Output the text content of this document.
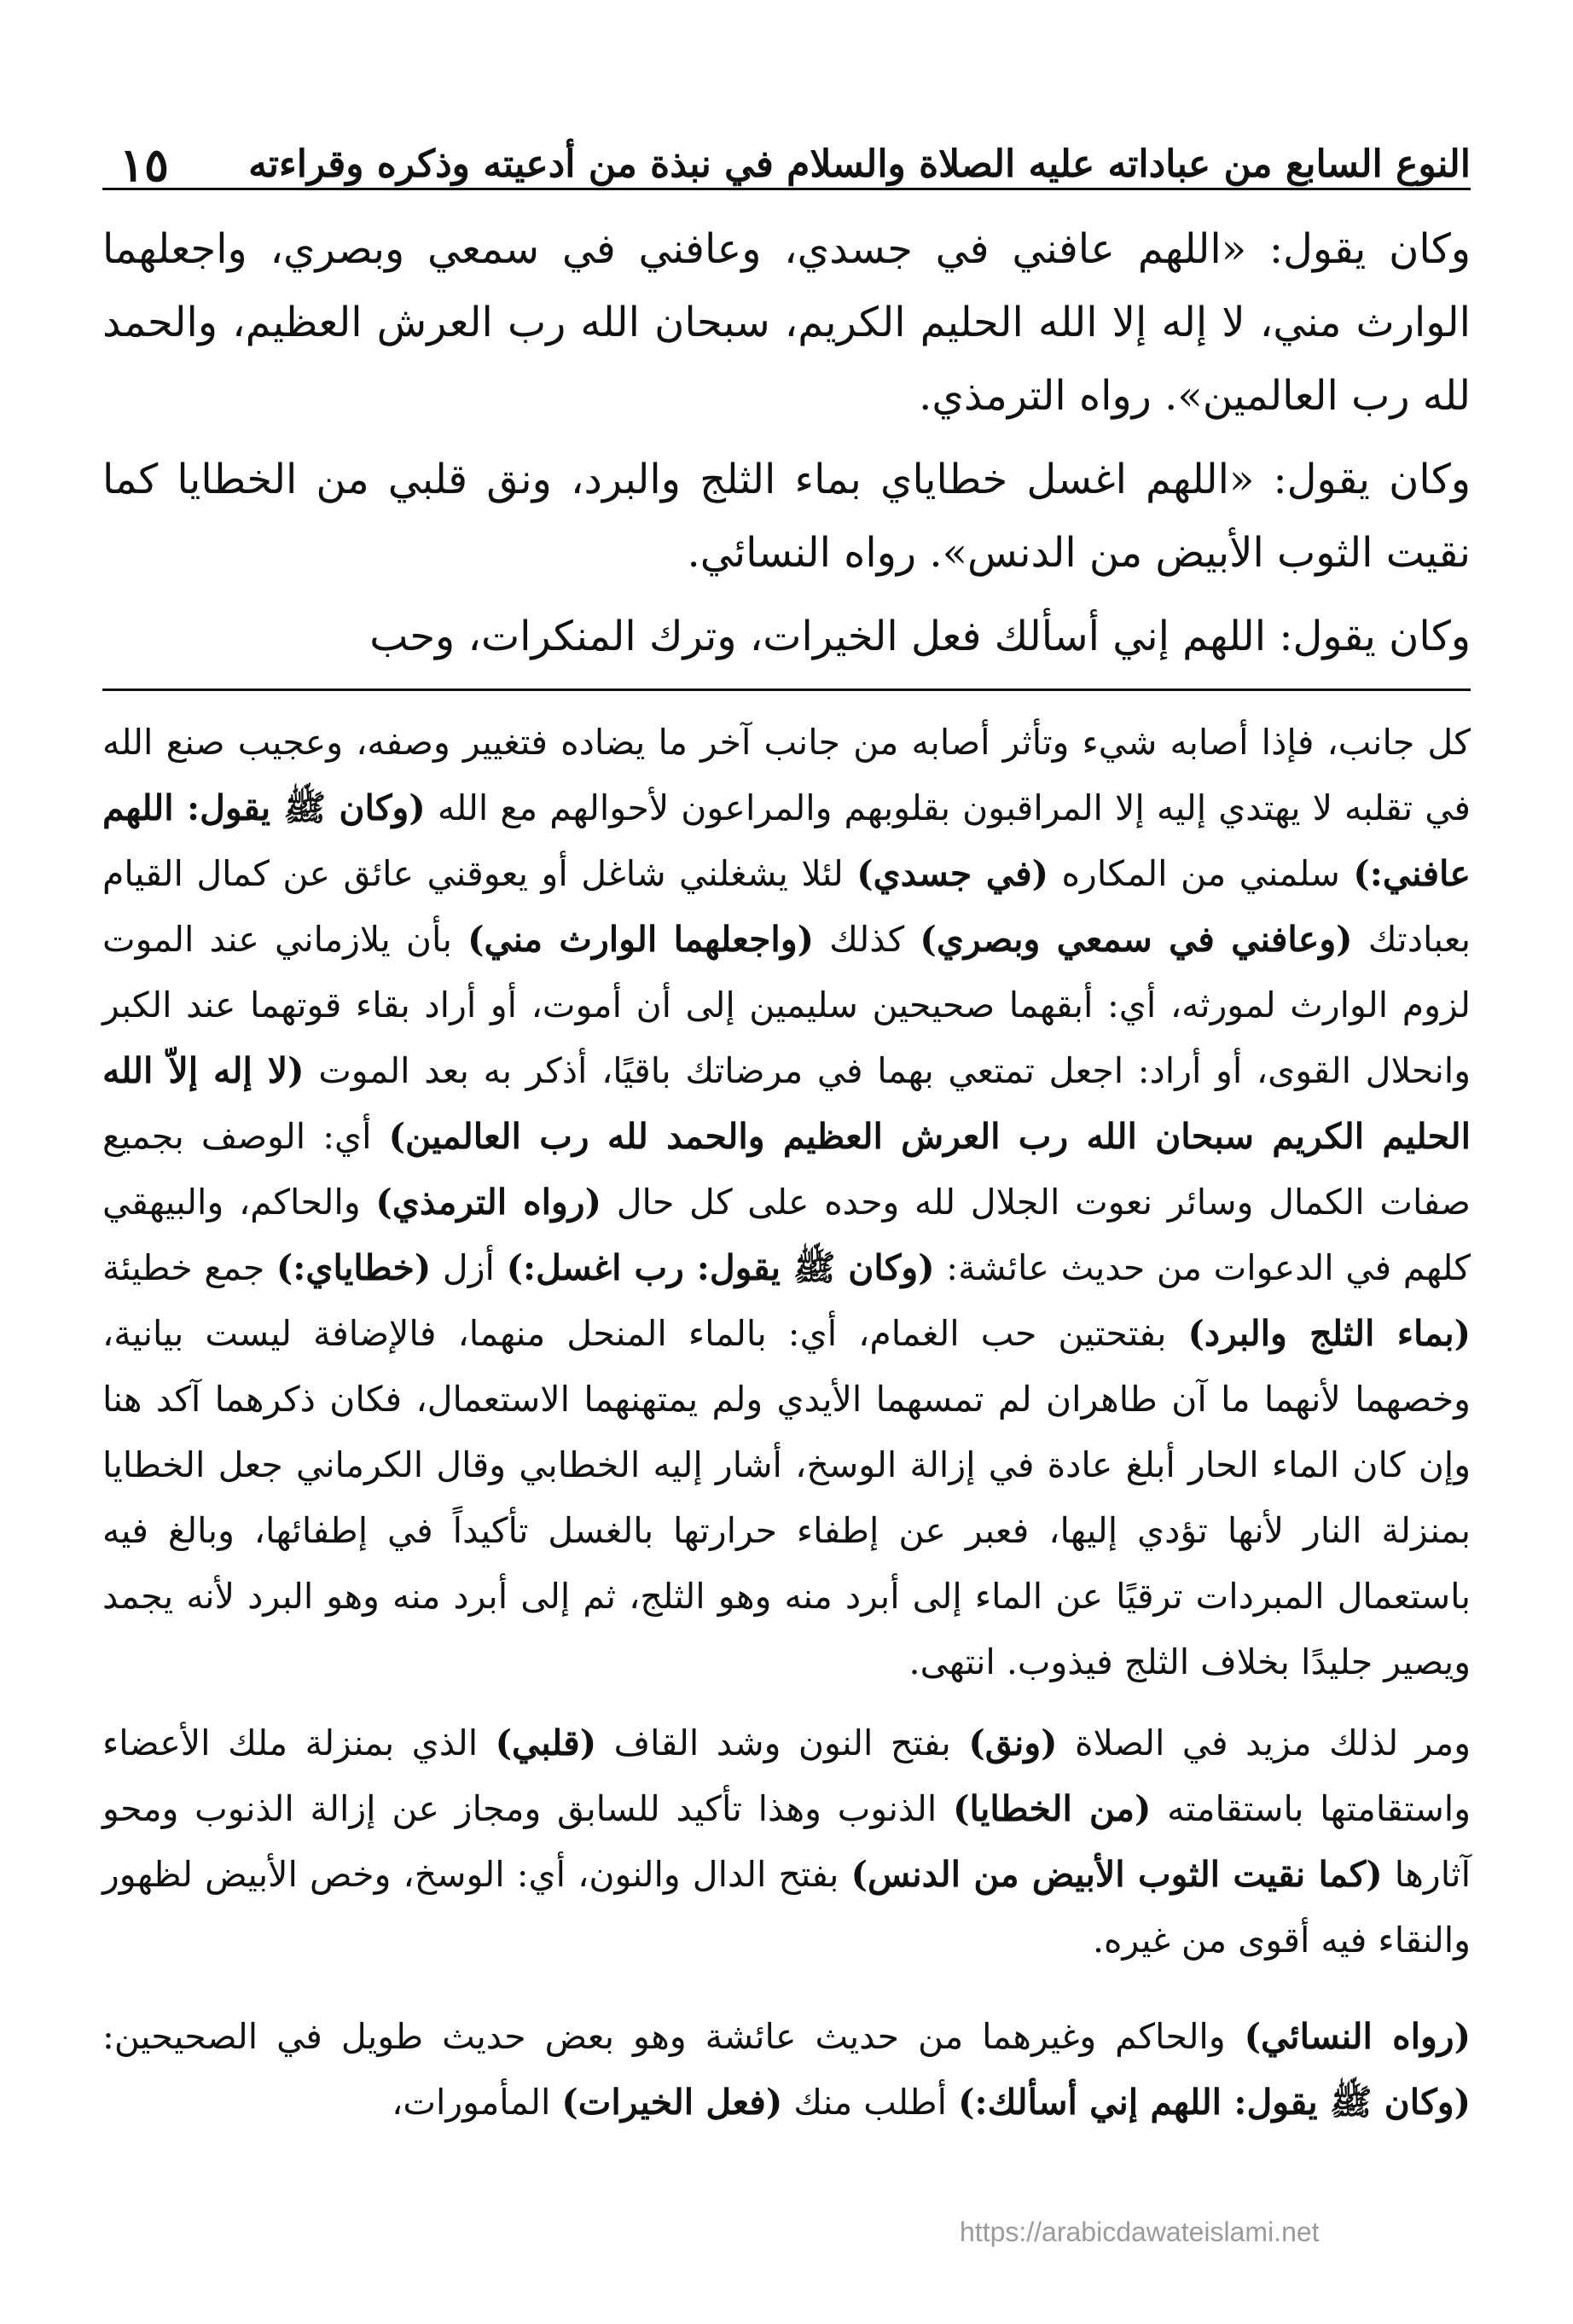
النوع السابع من عباداته عليه الصلاة والسلام في نبذة من أدعيته وذكره وقراءته
١٥

وكان يقول: «اللهم عافني في جسدي، وعافني في سمعي وبصري، واجعلهما الوارث مني، لا إله إلا الله الحليم الكريم، سبحان الله رب العرش العظيم، والحمد لله رب العالمين». رواه الترمذي.

وكان يقول: «اللهم اغسل خطاياي بماء الثلج والبرد، ونق قلبي من الخطايا كما نقيت الثوب الأبيض من الدنس». رواه النسائي.

وكان يقول: اللهم إني أسألك فعل الخيرات، وترك المنكرات، وحب

كل جانب، فإذا أصابه شيء وتأثر أصابه من جانب آخر ما يضاده فتغيير وصفه، وعجيب صنع الله في تقلبه لا يهتدي إليه إلا المراقبون بقلوبهم والمراعون لأحوالهم مع الله (وكان ﷺ يقول: اللهم عافني:) سلمني من المكاره (في جسدي) لئلا يشغلني شاغل أو يعوقني عائق عن كمال القيام بعبادتك (وعافني في سمعي وبصري) كذلك (واجعلهما الوارث مني) بأن يلازماني عند الموت لزوم الوارث لمورثه، أي: أبقهما صحيحين سليمين إلى أن أموت، أو أراد بقاء قوتهما عند الكبر وانحلال القوى، أو أراد: اجعل تمتعي بهما في مرضاتك باقيًا، أذكر به بعد الموت (لا إله إلاّ الله الحليم الكريم سبحان الله رب العرش العظيم والحمد لله رب العالمين) أي: الوصف بجميع صفات الكمال وسائر نعوت الجلال لله وحده على كل حال (رواه الترمذي) والحاكم، والبيهقي كلهم في الدعوات من حديث عائشة: (وكان ﷺ يقول: رب اغسل:) أزل (خطاياي:) جمع خطيئة (بماء الثلج والبرد) بفتحتين حب الغمام، أي: بالماء المنحل منهما، فالإضافة ليست بيانية، وخصهما لأنهما ما آن طاهران لم تمسهما الأيدي ولم يمتهنهما الاستعمال، فكان ذكرهما آكد هنا وإن كان الماء الحار أبلغ عادة في إزالة الوسخ، أشار إليه الخطابي وقال الكرماني جعل الخطايا بمنزلة النار لأنها تؤدي إليها، فعبر عن إطفاء حرارتها بالغسل تأكيداً في إطفائها، وبالغ فيه باستعمال المبردات ترقيًا عن الماء إلى أبرد منه وهو الثلج، ثم إلى أبرد منه وهو البرد لأنه يجمد ويصير جليدًا بخلاف الثلج فيذوب. انتهى.

ومر لذلك مزيد في الصلاة (ونق) بفتح النون وشد القاف (قلبي) الذي بمنزلة ملك الأعضاء واستقامتها باستقامته (من الخطايا) الذنوب وهذا تأكيد للسابق ومجاز عن إزالة الذنوب ومحو آثارها (كما نقيت الثوب الأبيض من الدنس) بفتح الدال والنون، أي: الوسخ، وخص الأبيض لظهور والنقاء فيه أقوى من غيره.

(رواه النسائي) والحاكم وغيرهما من حديث عائشة وهو بعض حديث طويل في الصحيحين: (وكان ﷺ يقول: اللهم إني أسألك:) أطلب منك (فعل الخيرات) المأمورات،

https://arabicdawateislami.net
